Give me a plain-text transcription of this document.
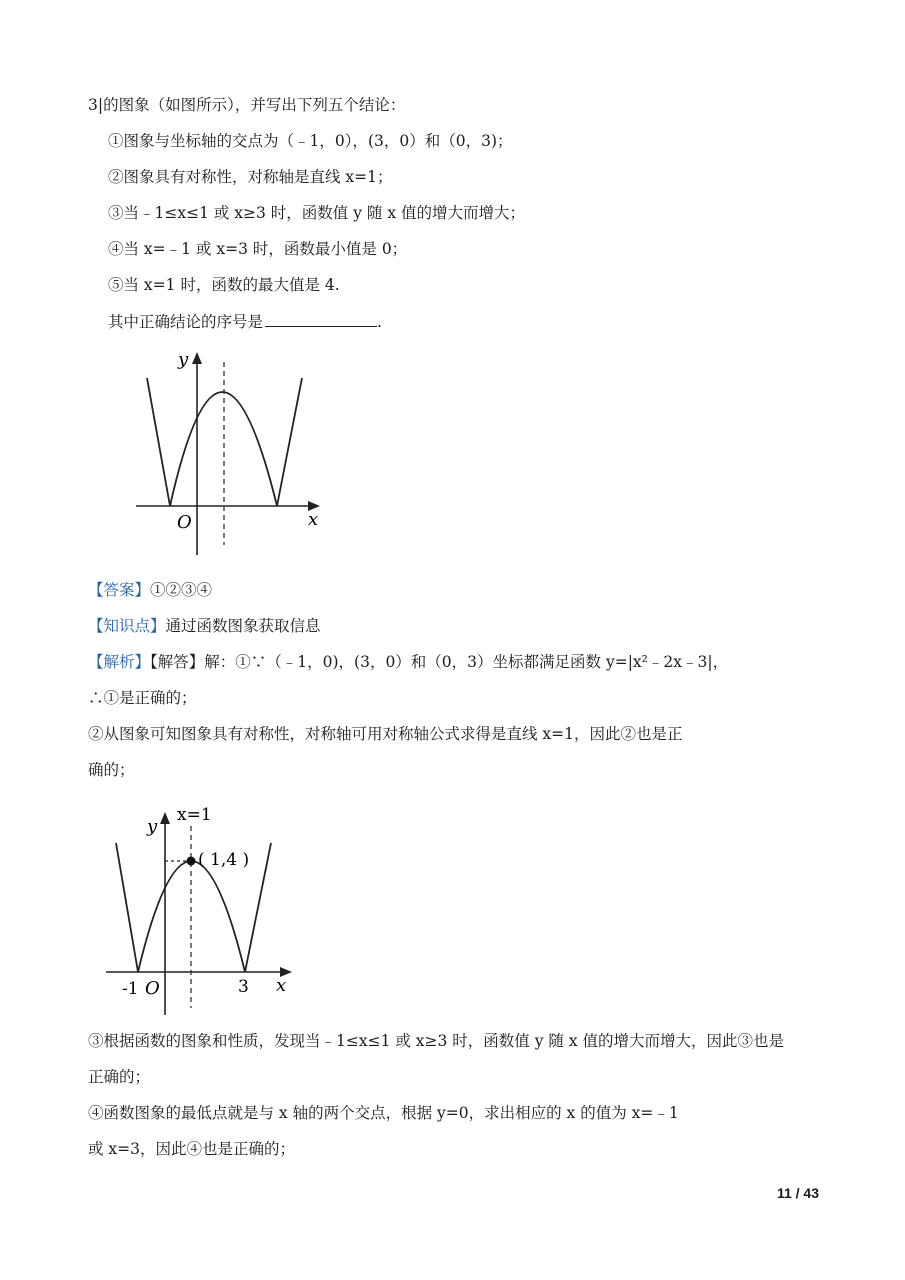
3|的图象（如图所示），并写出下列五个结论：
①图象与坐标轴的交点为（﹣1，0），(3，0）和（0，3)；
②图象具有对称性，对称轴是直线 x=1；
③当﹣1≤x≤1 或 x≥3 时，函数值 y 随 x 值的增大而增大；
④当 x=﹣1 或 x=3 时，函数最小值是 0；
⑤当 x=1 时，函数的最大值是 4.
其中正确结论的序号是	.
y
x
O
【答案】①②③④
【知识点】通过函数图象获取信息
【解析】【解答】解：①∵（﹣1，0)，(3，0）和（0，3）坐标都满足函数 y=|x²﹣2x﹣3|，
∴①是正确的；
②从图象可知图象具有对称性，对称轴可用对称轴公式求得是直线 x=1，因此②也是正
确的；
y
x=1
( 1,4 )
x
-1 O	3
③根据函数的图象和性质，发现当﹣1≤x≤1 或 x≥3 时，函数值 y 随 x 值的增大而增大，因此③也是
正确的；
④函数图象的最低点就是与 x 轴的两个交点，根据 y=0，求出相应的 x 的值为 x=﹣1
或 x=3，因此④也是正确的；
11 / 43
